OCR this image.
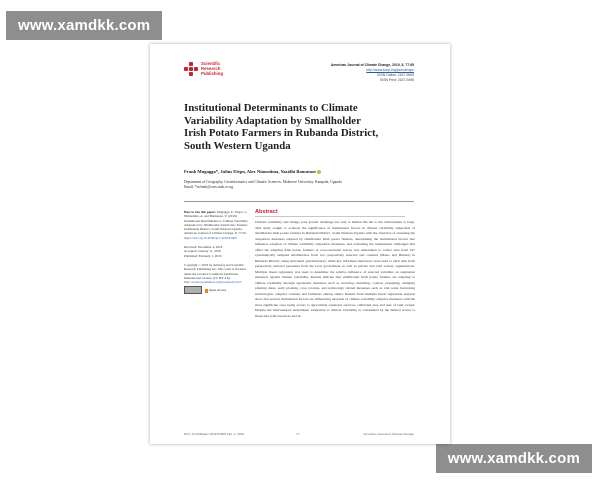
www.xamdkk.com
www.xamdkk.com
Scientific
Research
Publishing
American Journal of Climate Change, 2019, 8, 77-95
http://www.scirp.org/journal/ajcc
ISSN Online: 2167-9509
ISSN Print: 2167-9495
Institutional Determinants to Climate Variability Adaptation by Smallholder Irish Potato Farmers in Rubanda District, South Western Uganda
Frank Mugagga*, Julius Elepu, Alex Nimusiima, Yazidhi Bamutaze
Department of Geography, Geoinformatics and Climatic Sciences, Makerere University, Kampala, Uganda
Email: *mfrank@caes.mak.ac.ug
How to cite this paper: Mugagga, F., Elepu, J., Nimusiima, A. and Bamutaze, Y. (2019) Institutional Determinants to Climate Variability Adaptation by Smallholder Irish Potato Farmers in Rubanda District, South Western Uganda. American Journal of Climate Change, 8, 77-95.
https://doi.org/10.4236/ajcc.2019.81005
Received: December 4, 2018
Accepted: January 11, 2019
Published: February 1, 2019
Copyright © 2019 by author(s) and Scientific Research Publishing Inc. This work is licensed under the Creative Commons Attribution International License (CC BY 4.0).
http://creativecommons.org/licenses/by/4.0/
Open Access
Abstract
Climate variability and change pose greater challenge not only to human life but to the environment at large. This study sought to evaluate the significance of institutional factors in climate variability adaptation of smallholder Irish potato farmers in Rubanda District, South Western Uganda with the objective of assessing the adaptation measures adopted by smallholder Irish potato farmers, determining the institutional factors that influence adoption of climate variability adaptation measures, and evaluating the institutional challenges that affect the adapting Irish potato farmers. A cross-sectional survey was undertaken to collect data from 197 systematically sampled smallholders from two purposively selected sub counties (Muko and Bubare) in Rubanda District, using structured questionnaires; while key informant interviews were used to elicit data from purposively selected personnel from the local government as well as private and civil society organizations. Multiple linear regression was used to determine the relative influence of selected variables on adaptation measures against climate variability. Results indicate that smallholder Irish potato farmers are adapting to climate variability through agronomic measures such as terracing, mulching, contour ploughing, changing planting dates, early planting, crop rotation, and technology related measures such as rain water harvesting technologies, adaptive varieties and fertilizers among others. Results from multiple linear regression analysis show that several institutional factors are influencing adoption of climate variability adaptive measures with the most significant ones being access to agricultural extension services, cultivated area and size of land owned. Despite the interventions undertaken, adaptation to climate variability is constrained by the limited access to financial/credit resources and in-
DOI: 10.4236/ajcc.2019.81005 Feb. 1, 2019	77	American Journal of Climate Change
